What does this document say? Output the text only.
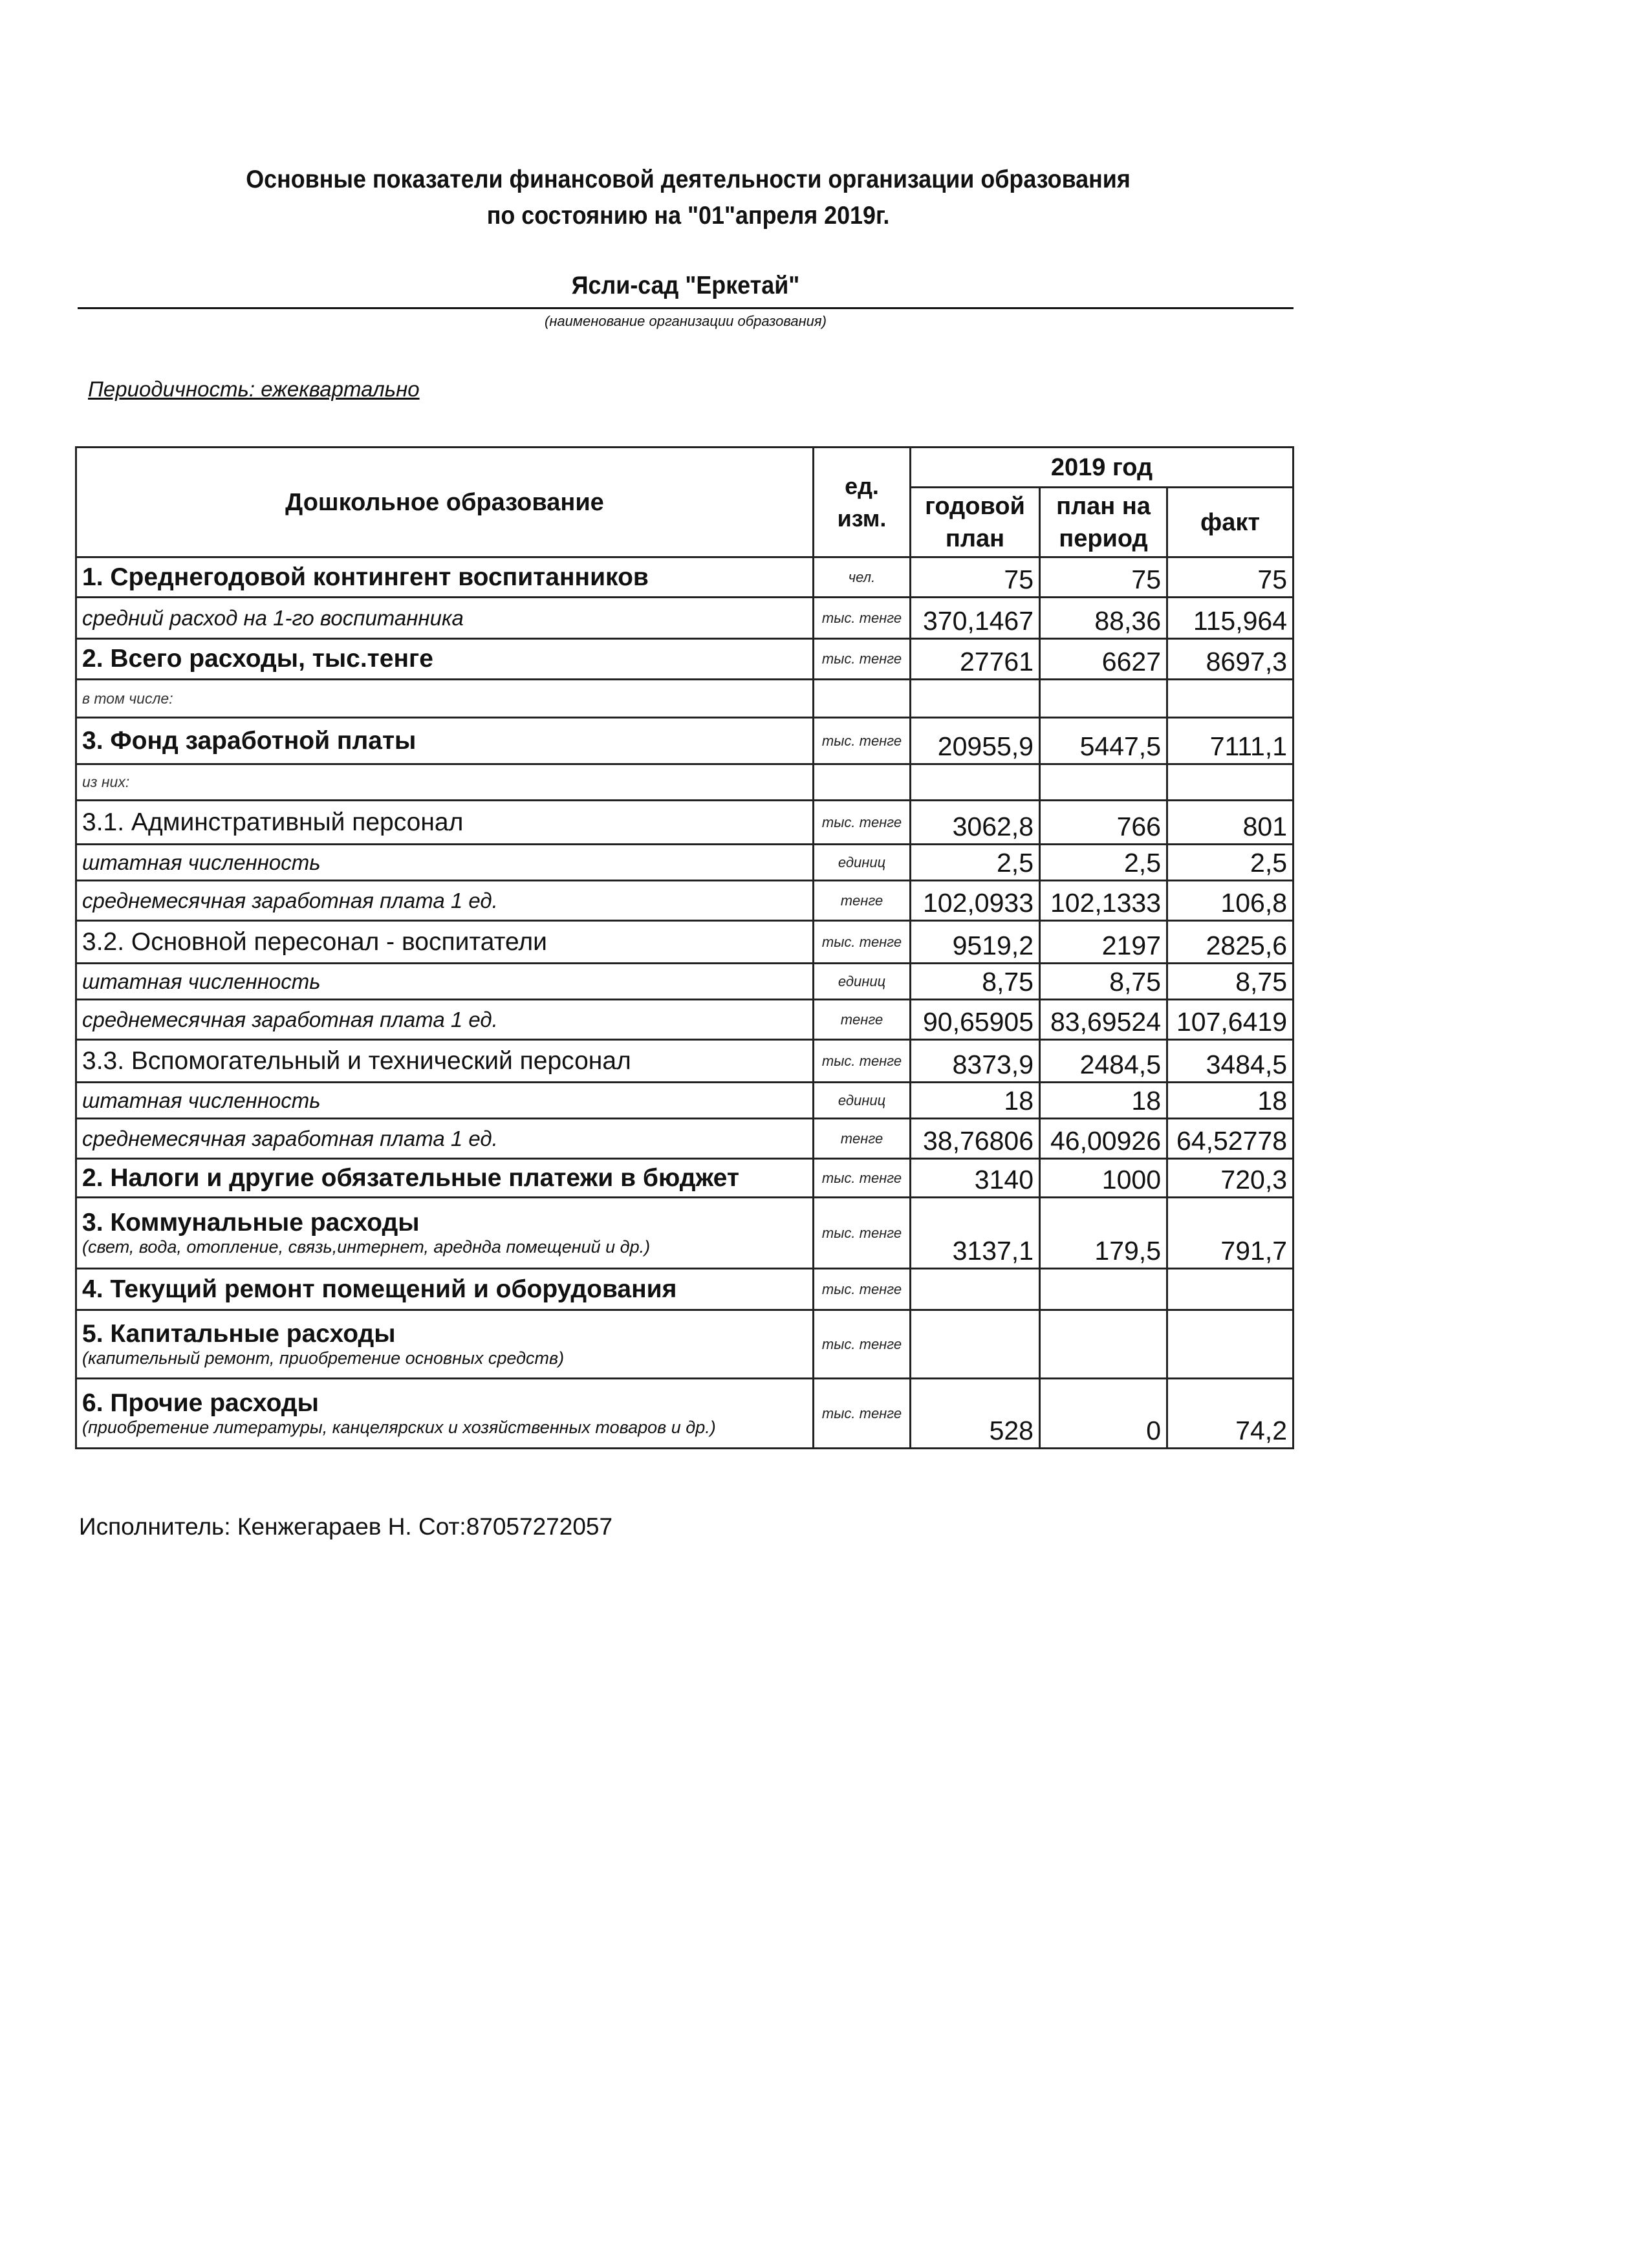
Основные показатели финансовой деятельности организации образования
по состоянию на "01"апреля 2019г.
Ясли-сад "Еркетай"
(наименование организации образования)
Периодичность: ежеквартально
Дошкольное образование	ед. изм.	2019 год		
		годовой план	план на период	факт
1. Среднегодовой контингент воспитанников	чел.	75	75	75
средний расход на 1-го воспитанника	тыс. тенге	370,1467	88,36	115,964
2. Всего расходы, тыс.тенге	тыс. тенге	27761	6627	8697,3
в том числе:				
3. Фонд заработной платы	тыс. тенге	20955,9	5447,5	7111,1
из них:				
3.1. Админстративный персонал	тыс. тенге	3062,8	766	801
штатная численность	единиц	2,5	2,5	2,5
среднемесячная заработная плата 1 ед.	тенге	102,0933	102,1333	106,8
3.2. Основной пересонал - воспитатели	тыс. тенге	9519,2	2197	2825,6
штатная численность	единиц	8,75	8,75	8,75
среднемесячная заработная плата 1 ед.	тенге	90,65905	83,69524	107,6419
3.3. Вспомогательный и технический персонал	тыс. тенге	8373,9	2484,5	3484,5
штатная численность	единиц	18	18	18
среднемесячная заработная плата 1 ед.	тенге	38,76806	46,00926	64,52778
2. Налоги и другие обязательные платежи в бюджет	тыс. тенге	3140	1000	720,3
3. Коммунальные расходы
(свет, вода, отопление, связь,интернет, аредндa помещений и др.)	тыс. тенге	3137,1	179,5	791,7
4. Текущий ремонт помещений и оборудования	тыс. тенге			
5. Капитальные расходы
(капительный ремонт, приобретение основных средств)	тыс. тенге			
6. Прочие расходы
(приобретение литературы, канцелярских и хозяйственных товаров и др.)	тыс. тенге	528	0	74,2
Исполнитель: Кенжегараев Н. Сот:87057272057
